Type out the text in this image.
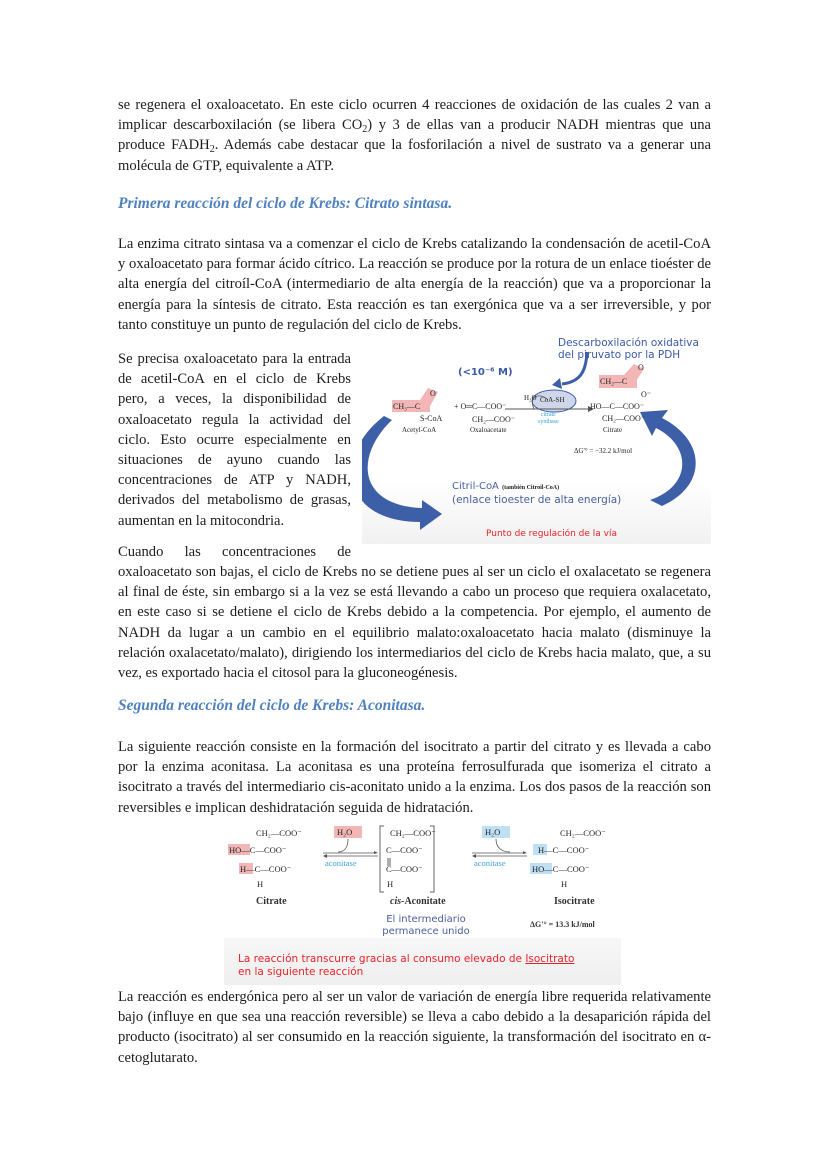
se regenera el oxaloacetato. En este ciclo ocurren 4 reacciones de oxidación de las cuales 2 van a implicar descarboxilación (se libera $CO_2$) y 3 de ellas van a producir NADH mientras que una produce $FADH_2$. Además cabe destacar que la fosforilación a nivel de sustrato va a generar una molécula de GTP, equivalente a ATP.
Primera reacción del ciclo de Krebs: Citrato sintasa.

La enzima citrato sintasa va a comenzar el ciclo de Krebs catalizando la condensación de acetil-CoA y oxaloacetato para formar ácido cítrico. La reacción se produce por la rotura de un enlace tioéster de alta energía del citroíl-CoA (intermediario de alta energía de la reacción) que va a proporcionar la energía para la síntesis de citrato. Esta reacción es tan exergónica que va a ser irreversible, y por tanto constituye un punto de regulación del ciclo de Krebs.

Se precisa oxaloacetato para la entrada de acetil-CoA en el ciclo de Krebs pero, a veces, la disponibilidad de oxaloacetato regula la actividad del ciclo. Esto ocurre especialmente en situaciones de ayuno cuando las concentraciones de ATP y NADH, derivados del metabolismo de grasas, aumentan en la mitocondria.

Cuando las concentraciones de

oxaloacetato son bajas, el ciclo de Krebs no se detiene pues al ser un ciclo el oxalacetato se regenera al final de éste, sin embargo si a la vez se está llevando a cabo un proceso que requiera oxalacetato, en este caso si se detiene el ciclo de Krebs debido a la competencia. Por ejemplo, el aumento de NADH da lugar a un cambio en el equilibrio malato:oxaloacetato hacia malato (disminuye la relación oxalacetato/malato), dirigiendo los intermediarios del ciclo de Krebs hacia malato, que, a su vez, es exportado hacia el citosol para la gluconeogénesis.

Descarboxilación oxidativa
del piruvato por la PDH
(<10⁻⁶ M)
CH₃—C
O
S-CoA
Acetyl-CoA
+ O═C—COO⁻
CH₂—COO⁻
Oxaloacetate
H₂O CoA-SH
citrate
synthase
CH₂—C
O
O⁻
HO—C—COO⁻
CH₂—COO⁻
Citrate
ΔG'° = −32.2 kJ/mol
Citril-CoA (también Citroil-CoA)
(enlace tioester de alta energía)
Punto de regulación de la vía
Segunda reacción del ciclo de Krebs: Aconitasa.

La siguiente reacción consiste en la formación del isocitrato a partir del citrato y es llevada a cabo por la enzima aconitasa. La aconitasa es una proteína ferrosulfurada que isomeriza el citrato a isocitrato a través del intermediario cis-aconitato unido a la enzima. Los dos pasos de la reacción son reversibles e implican deshidratación seguida de hidratación.

CH₂—COO⁻
HO—C—COO⁻
H—C—COO⁻
H
Citrate
H₂O
aconitase
CH₂—COO⁻
C—COO⁻
C—COO⁻
H
cis-Aconitate
H₂O
aconitase
CH₂—COO⁻
H—C—COO⁻
HO—C—COO⁻
H
Isocitrate
ΔG'° = 13.3 kJ/mol
El intermediario
permanece unido
La reacción transcurre gracias al consumo elevado de Isocitrato
en la siguiente reacción

La reacción es endergónica pero al ser un valor de variación de energía libre requerida relativamente bajo (influye en que sea una reacción reversible) se lleva a cabo debido a la desaparición rápida del producto (isocitrato) al ser consumido en la reacción siguiente, la transformación del isocitrato en α-cetoglutarato.
